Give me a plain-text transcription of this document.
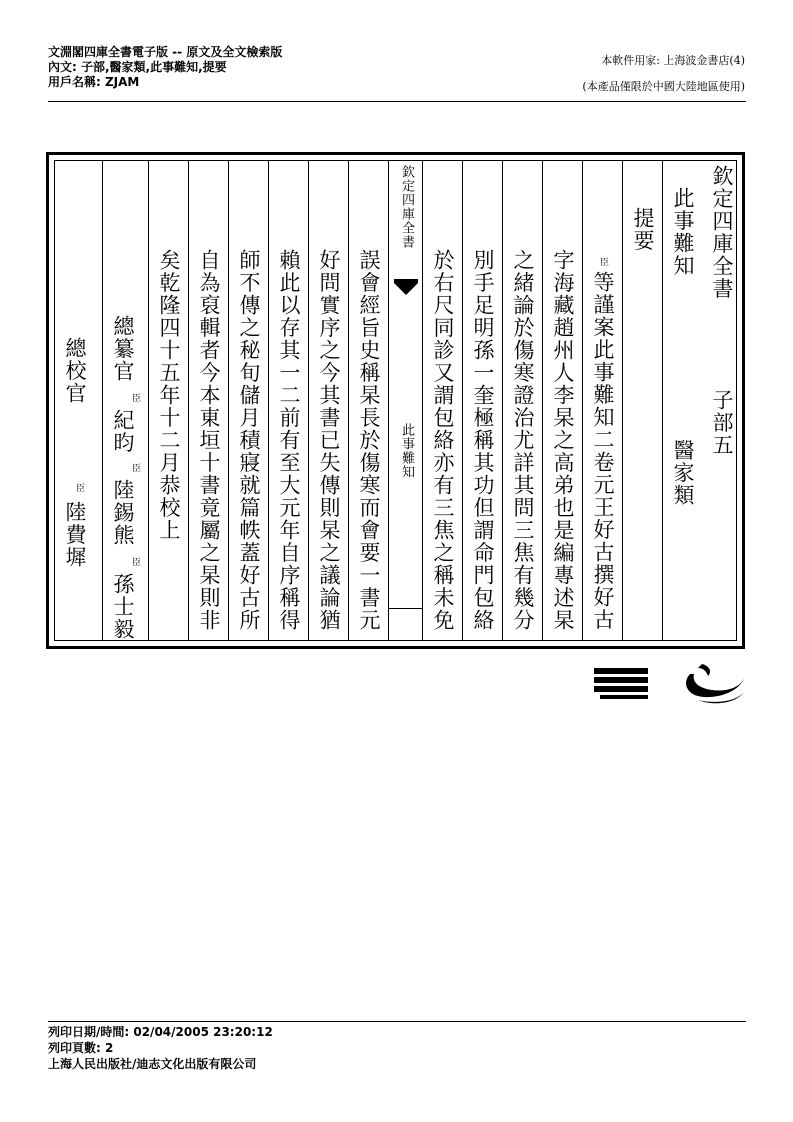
文淵閣四庫全書電子版 -- 原文及全文檢索版
內文: 子部,醫家類,此事難知,提要
用戶名稱: ZJAM
本軟件用家: 上海波金書店(4)
(本產品僅限於中國大陸地區使用)
欽定四庫全書
子部五
此事難知
醫家類
提要
臣
等謹案此事難知二卷元王好古撰好古
字海藏趙州人李杲之高弟也是編專述杲
之緒論於傷寒證治尤詳其問三焦有幾分
別手足明孫一奎極稱其功但謂命門包絡
於右尺同診又謂包絡亦有三焦之稱未免
欽定四庫全書
此事難知
誤會經旨史稱杲長於傷寒而會要一書元
好問實序之今其書已失傳則杲之議論猶
賴此以存其一二前有至大元年自序稱得
師不傳之秘旬儲月積寢就篇帙蓋好古所
自為裒輯者今本東垣十書竟屬之杲則非
矣乾隆四十五年十二月恭校上
總纂官
臣
紀昀
臣
陸錫熊
臣
孫士毅
總校官
臣
陸費墀
列印日期/時間: 02/04/2005 23:20:12
列印頁數: 2
上海人民出版社/迪志文化出版有限公司
